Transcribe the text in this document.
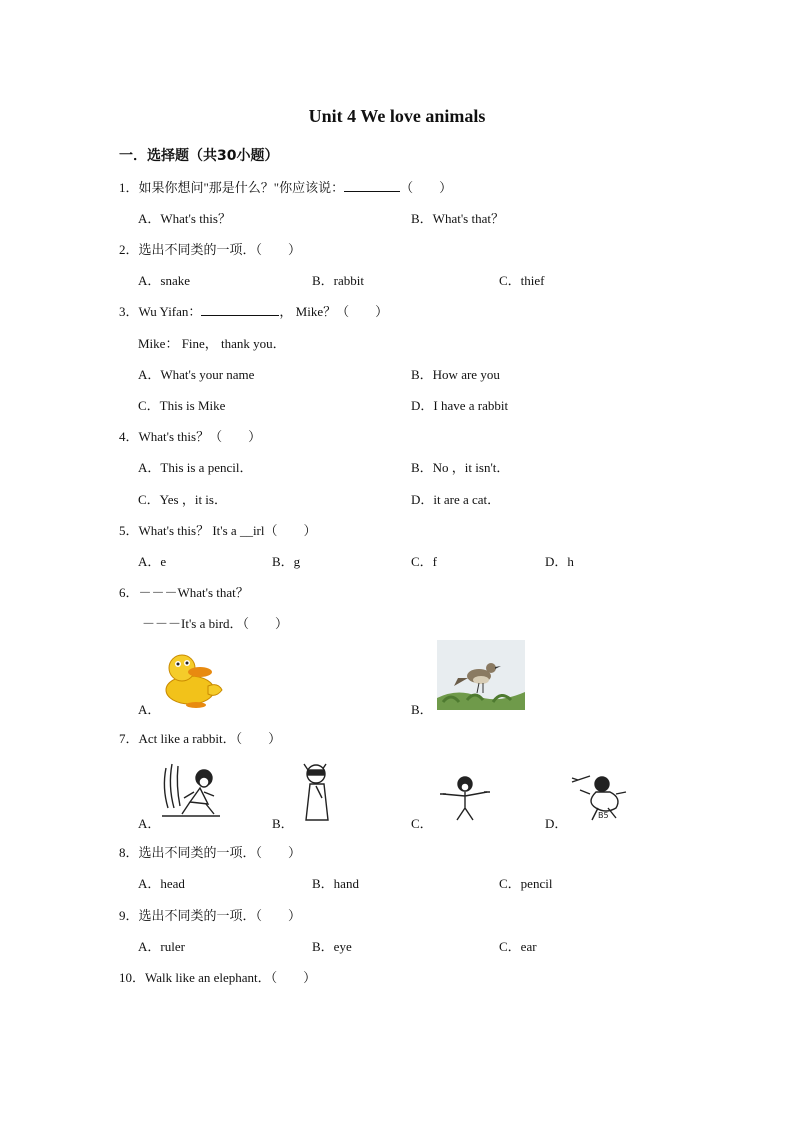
Unit 4 We love animals
一．选择题（共30小题）
1．如果你想问"那是什么？"你应该说：	（　　）
A．What's this？	B．What's that？
2．选出不同类的一项．（　　）
A．snake	B．rabbit	C．thief
3．Wu Yifan：	， Mike？（　　）
Mike： Fine， thank you．
A．What's your name	B．How are you
C．This is Mike	D．I have a rabbit
4．What's this？（　　）
A．This is a pencil．	B．No ，it isn't．
C．Yes ，it is．	D．it are a cat．
5．What's this？ It's a __irl（　　）
A．e	B．g	C．f	D．h
6．－－－What's that？
－－－It's a bird．（　　）
A．	B．
7．Act like a rabbit．（　　）
A．	B．	C．	D．
B5
8．选出不同类的一项．（　　）
A．head	B．hand	C．pencil
9．选出不同类的一项．（　　）
A．ruler	B．eye	C．ear
10．Walk like an elephant．（　　）
